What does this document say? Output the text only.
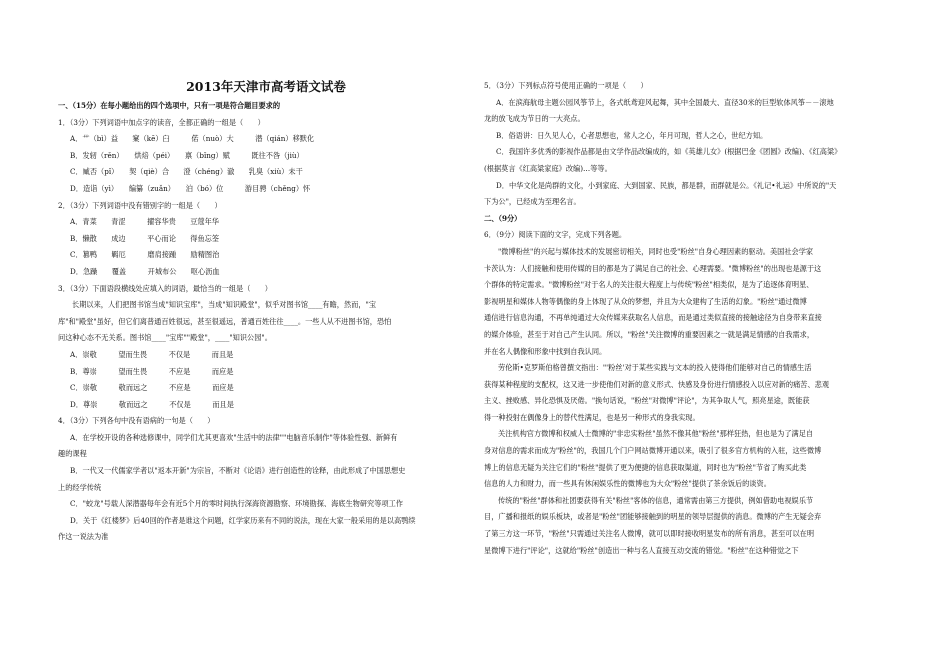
2013年天津市高考语文试卷

一、（15分）在每小题给出的四个选项中，只有一项是符合题目要求的

1．（3分）下列词语中加点字的读音，全都正确的一组是（　　）

A．艹（bì）益　　窠（kē）臼　　　偌（nuò）大　　　潜（qián）移默化

B．发轫（rěn）　　烘焙（péi）　　禀（bǐng）赋　　　既往不咎（jiù）

C．臧否（pǐ）　　契（qiè）合　　澄（chéng）澈　　乳臭（xiù）未干

D．造诣（yì）　　编纂（zuǎn）　　泊（bó）位　　　游目骋（chěng）怀

2．（3分）下列词语中没有错别字的一组是（　　）

A．青菜　　青涩　　　擢容华贵　　豆蔻年华

B．懒散　　成边　　　平心而论　　得鱼忘筌

C．篡鸭　　羁厄　　　磨肩接踵　　励精图治

D．急躁　　覆盖　　　开城布公　　呕心沥血

3．（3分）下面语段横线处应填入的词语，最恰当的一组是（　　）

长期以来，人们把图书馆当成"知识宝库"，当成"知识殿堂"，似乎对图书馆____有瞻，然而，"宝

库"和"殿堂"虽好，但它们离普通百姓很远，甚至很遥远，普通百姓往往____。一些人从不进图书馆，恐怕

问这种心态不无关系。图书馆____"宝库""殿堂"，____"知识公园"。

A．崇敬　　　望而生畏　　　不仅是　　　而且是

B．尊崇　　　望而生畏　　　不应是　　　而应是

C．崇敬　　　敬而远之　　　不应是　　　而应是

D．尊崇　　　敬而远之　　　不仅是　　　而且是

4．（3分）下列各句中没有语病的一句是（　　）

A．在学校开设的各种选修课中，同学们尤其更喜欢"生活中的法律""电脑音乐制作"等体验性强、新鲜有

趣的课程

B．一代又一代儒家学者以"返本开新"为宗旨，不断对《论语》进行创造性的诠释，由此形成了中国思想史

上的经学传统

C．"蛟龙"号载人深潜器每年会有近5个月的零时间执行深海资源勘察、环境勘探、海底生物研究等项工作

D．关于《红楼梦》后40回的作者是谁这个问题，红学家历来有不同的说法，现在大家一般采用的是以高鹗续

作这一说法为准

5．（3分）下列标点符号使用正确的一项是（　　）

A．在滨海航母主题公园风筝节上，各式纸鸢迎风起舞，其中全国最大、直径30米的巨型软体风筝－－滚地

龙的放飞成为节日的一大亮点。

B．俗语讲：日久见人心，心者思想也，常人之心，年月可现，哲人之心，世纪方知。

C．我国许多优秀的影视作品都是由文学作品改编成的，如《英雄儿女》(根据巴金《团圆》改编)、《红高粱》

(根据莫言《红高粱家庭》改编)…等等。

D．中华文化是尚群的文化，小到家庭、大到国家、民族，都是群，而群就是公。《礼记•礼运》中所说的"天

下为公"，已经成为至理名言。

二、（9分）

6．（9分）阅读下面的文字，完成下列各题。

"微博粉丝"的兴起与媒体技术的发展密切相关，同时也受"粉丝"自身心理因素的驱动。美国社会学家

卡茨认为：人们接触和使用传媒的目的都是为了满足自己的社会、心理需要。"微博粉丝"的出现也是源于这

个群体的特定需求。"微博粉丝"对于名人的关注很大程度上与传统"粉丝"相类似，是为了追逐体育明星、

影视明星和媒体人物等偶像的身上体现了从众的梦想，并且为大众建构了生活的幻象。"粉丝"通过微博

通信进行信息沟通，不再单纯通过大众传媒来获取名人信息，而是通过类似直接的接触途径为自身带来直接

的媒介体验，甚至于对自己产生认同。所以，"粉丝"关注微博的重要因素之一就是满足情感的自我需求，

并在名人偶像和形象中找到自我认同。

劳伦斯•克罗斯伯格曾撰文指出："'粉丝'对于某些实践与文本的投入使得他们能够对自己的情感生活

获得某种程度的支配权，这又进一步使他们对新的意义形式、快感及身份进行情感投入以应对新的痛苦、悲观

主义、挫败感、异化恐惧及厌倦。"换句话说，"粉丝"对微博"评论"，为其争取人气，照亮星途，既能获

得一种投射在偶像身上的替代性满足，也是另一种形式的身我实现。

关注机构官方微博和权威人士微博的"非忠实粉丝"虽然不像其他"粉丝"那样狂热，但也是为了满足自

身对信息的需求而成为"粉丝"的，我国几个门户网站微博开通以来，吸引了很多官方机构的入驻，这些微博

博上的信息无疑为关注它们的"粉丝"提供了更为便捷的信息获取渠道，同时也为"粉丝"节省了购买此类

信息的人力和财力，而一些具有休闲娱乐性的微博也为大众"粉丝"提供了茶余饭后的谈资。

传统的"粉丝"群体和社团要获得有关"粉丝"客体的信息，通常需由第三方提供，例如借助电视娱乐节

目，广播和报纸的娱乐板块，或者是"粉丝"团能够接触到的明星的领导层提供的消息。微博的产生无疑会弃

了第三方这一环节，"粉丝"只需通过关注名人微博，就可以即时接收明星发布的所有消息，甚至可以在明

星微博下进行"评论"，这就给"粉丝"创造出一种与名人直接互动交流的错觉。"粉丝"在这种错觉之下
